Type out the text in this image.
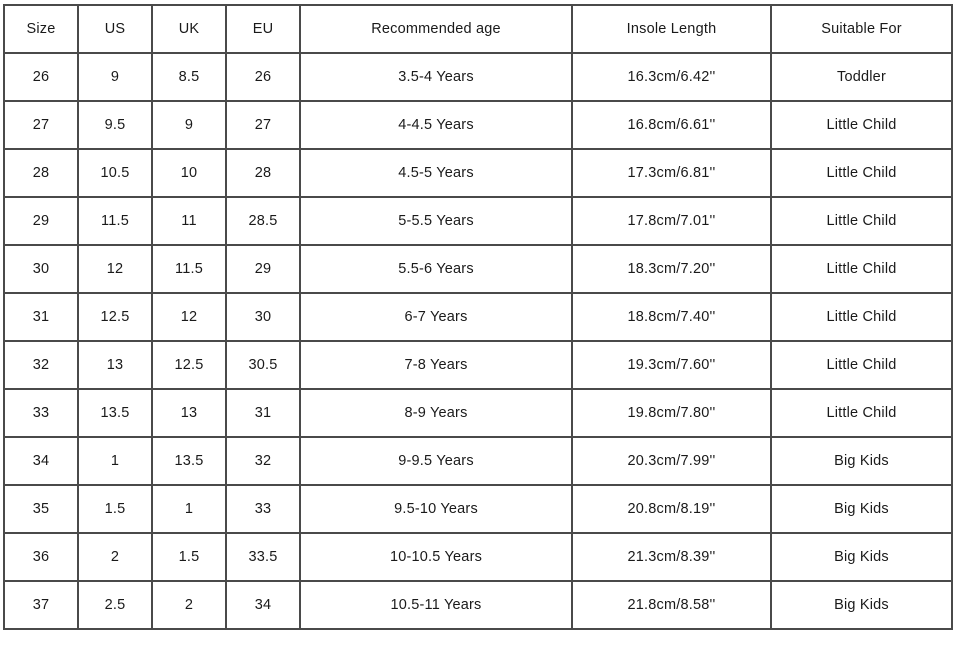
Size	US	UK	EU	Recommended age	Insole Length	Suitable For
26	9	8.5	26	3.5-4 Years	16.3cm/6.42''	Toddler
27	9.5	9	27	4-4.5 Years	16.8cm/6.61''	Little Child
28	10.5	10	28	4.5-5 Years	17.3cm/6.81''	Little Child
29	11.5	11	28.5	5-5.5 Years	17.8cm/7.01''	Little Child
30	12	11.5	29	5.5-6 Years	18.3cm/7.20''	Little Child
31	12.5	12	30	6-7 Years	18.8cm/7.40''	Little Child
32	13	12.5	30.5	7-8 Years	19.3cm/7.60''	Little Child
33	13.5	13	31	8-9 Years	19.8cm/7.80''	Little Child
34	1	13.5	32	9-9.5 Years	20.3cm/7.99''	Big Kids
35	1.5	1	33	9.5-10 Years	20.8cm/8.19''	Big Kids
36	2	1.5	33.5	10-10.5 Years	21.3cm/8.39''	Big Kids
37	2.5	2	34	10.5-11 Years	21.8cm/8.58''	Big Kids
